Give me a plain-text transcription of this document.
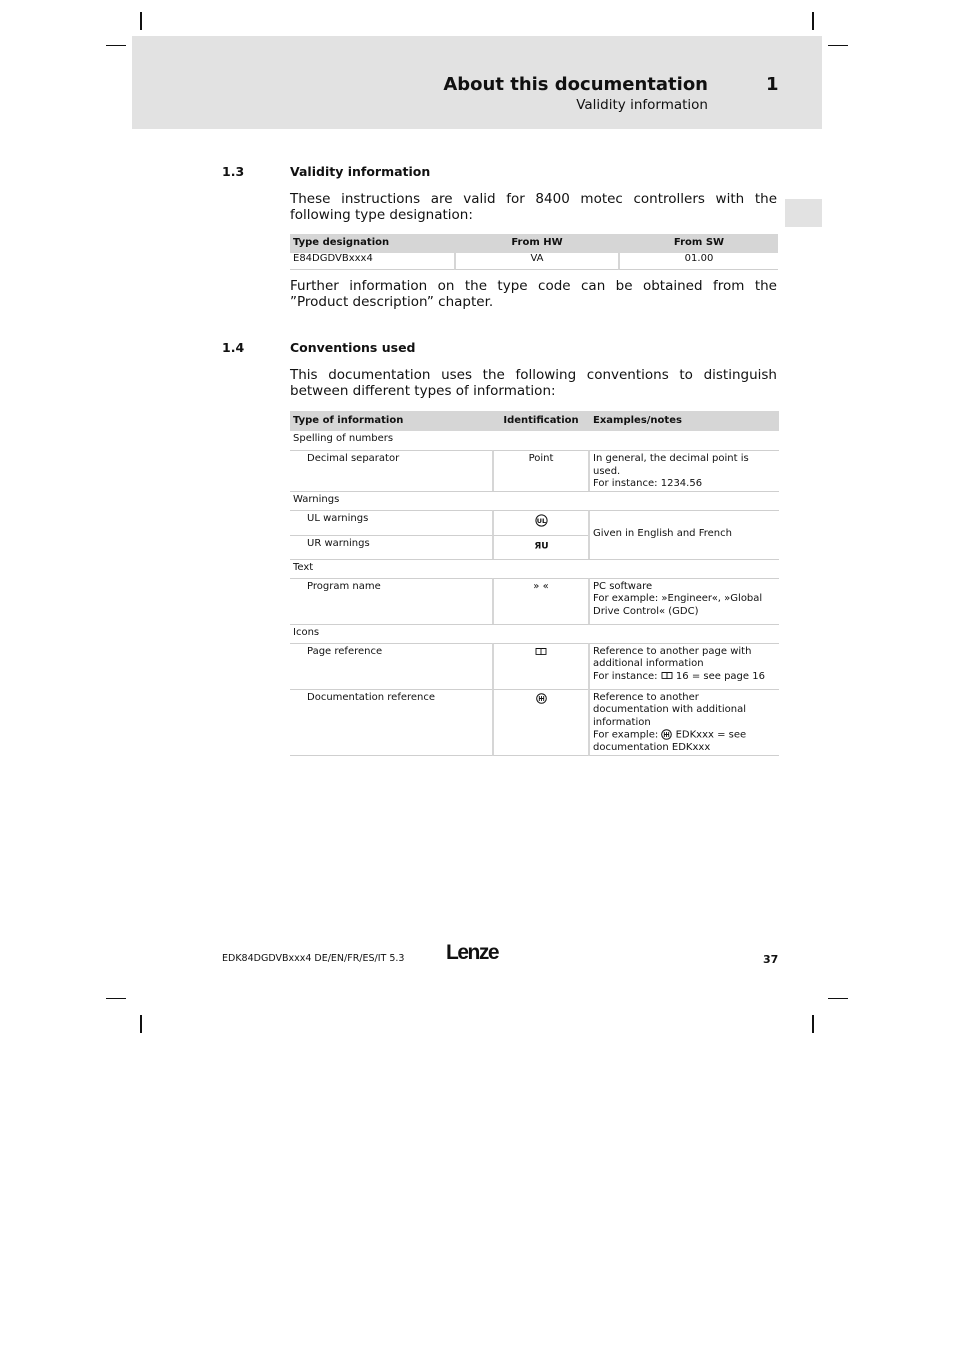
About this documentation	1
Validity information
1.3	Validity information
These instructions are valid for 8400 motec controllers with the following type designation:
Type designation	From HW	From SW
E84DGDVBxxx4	VA	01.00
Further information on the type code can be obtained from the ”Product description” chapter.
1.4	Conventions used
This documentation uses the following conventions to distinguish between different types of information:
Type of information	Identification	Examples/notes
Spelling of numbers		
Decimal separator	Point	In general, the decimal point is used.
For instance: 1234.56

Warnings		
UL warnings	UL	Given in English and French
UR warnings	ЯU	

Text		
Program name	» «	PC software
For example: »Engineer«, »Global Drive Control« (GDC)

Icons		
Page reference		Reference to another page with additional information
For instance: 16 = see page 16

Documentation reference		Reference to another documentation with additional information
For example: EDKxxx = see documentation EDKxxx
EDK84DGDVBxxx4 DE/EN/FR/ES/IT 5.3 Lenze	37
